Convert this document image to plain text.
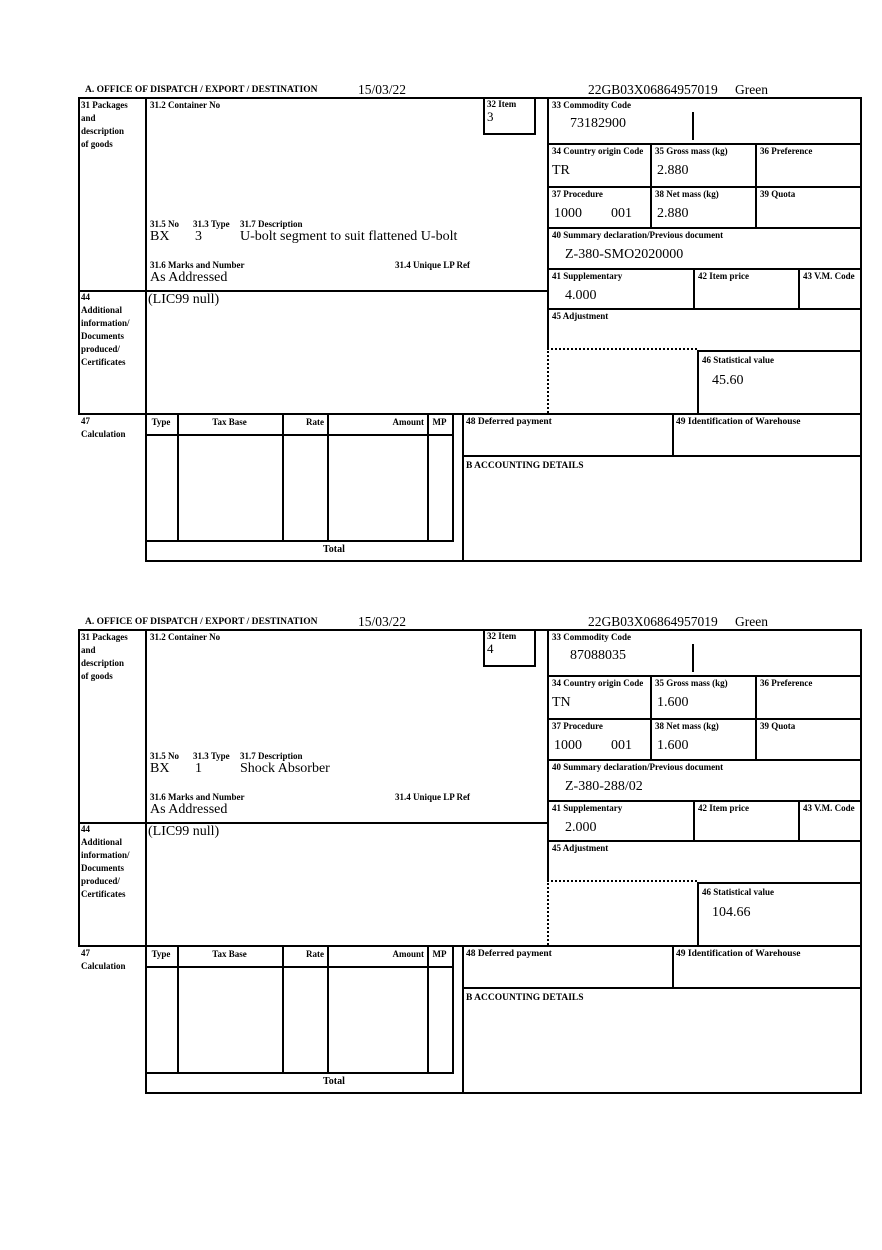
A. OFFICE OF DISPATCH / EXPORT / DESTINATION	15/03/22	22GB03X06864957019 Green
31 Packages
and
description
of goods
31.2 Container No	32 Item
3
31.5 No 31.3 Type 31.7 Description
BX 3	U-bolt segment to suit flattened U-bolt
31.6 Marks and Number	31.4 Unique LP Ref
As Addressed
44
Additional
information/
Documents
produced/
Certificates
(LIC99 null)
33 Commodity Code
73182900
34 Country origin Code
TR
35 Gross mass (kg)
2.880
36 Preference
37 Procedure
1000 001
38 Net mass (kg)
2.880
39 Quota
40 Summary declaration/Previous document
Z-380-SMO2020000
41 Supplementary
4.000
42 Item price	43 V.M. Code
45 Adjustment
46 Statistical value
45.60
47
Calculation
Type	Tax Base	Rate	Amount MP	48 Deferred payment	49 Identification of Warehouse
B ACCOUNTING DETAILS
Total
A. OFFICE OF DISPATCH / EXPORT / DESTINATION	15/03/22	22GB03X06864957019 Green
31 Packages
and
description
of goods
31.2 Container No	32 Item
4
31.5 No 31.3 Type 31.7 Description
BX 1	Shock Absorber
31.6 Marks and Number	31.4 Unique LP Ref
As Addressed
44
Additional
information/
Documents
produced/
Certificates
(LIC99 null)
33 Commodity Code
87088035
34 Country origin Code
TN
35 Gross mass (kg)
1.600
36 Preference
37 Procedure
1000 001
38 Net mass (kg)
1.600
39 Quota
40 Summary declaration/Previous document
Z-380-288/02
41 Supplementary
2.000
42 Item price	43 V.M. Code
45 Adjustment
46 Statistical value
104.66
47
Calculation
Type	Tax Base	Rate	Amount MP	48 Deferred payment	49 Identification of Warehouse
B ACCOUNTING DETAILS
Total
